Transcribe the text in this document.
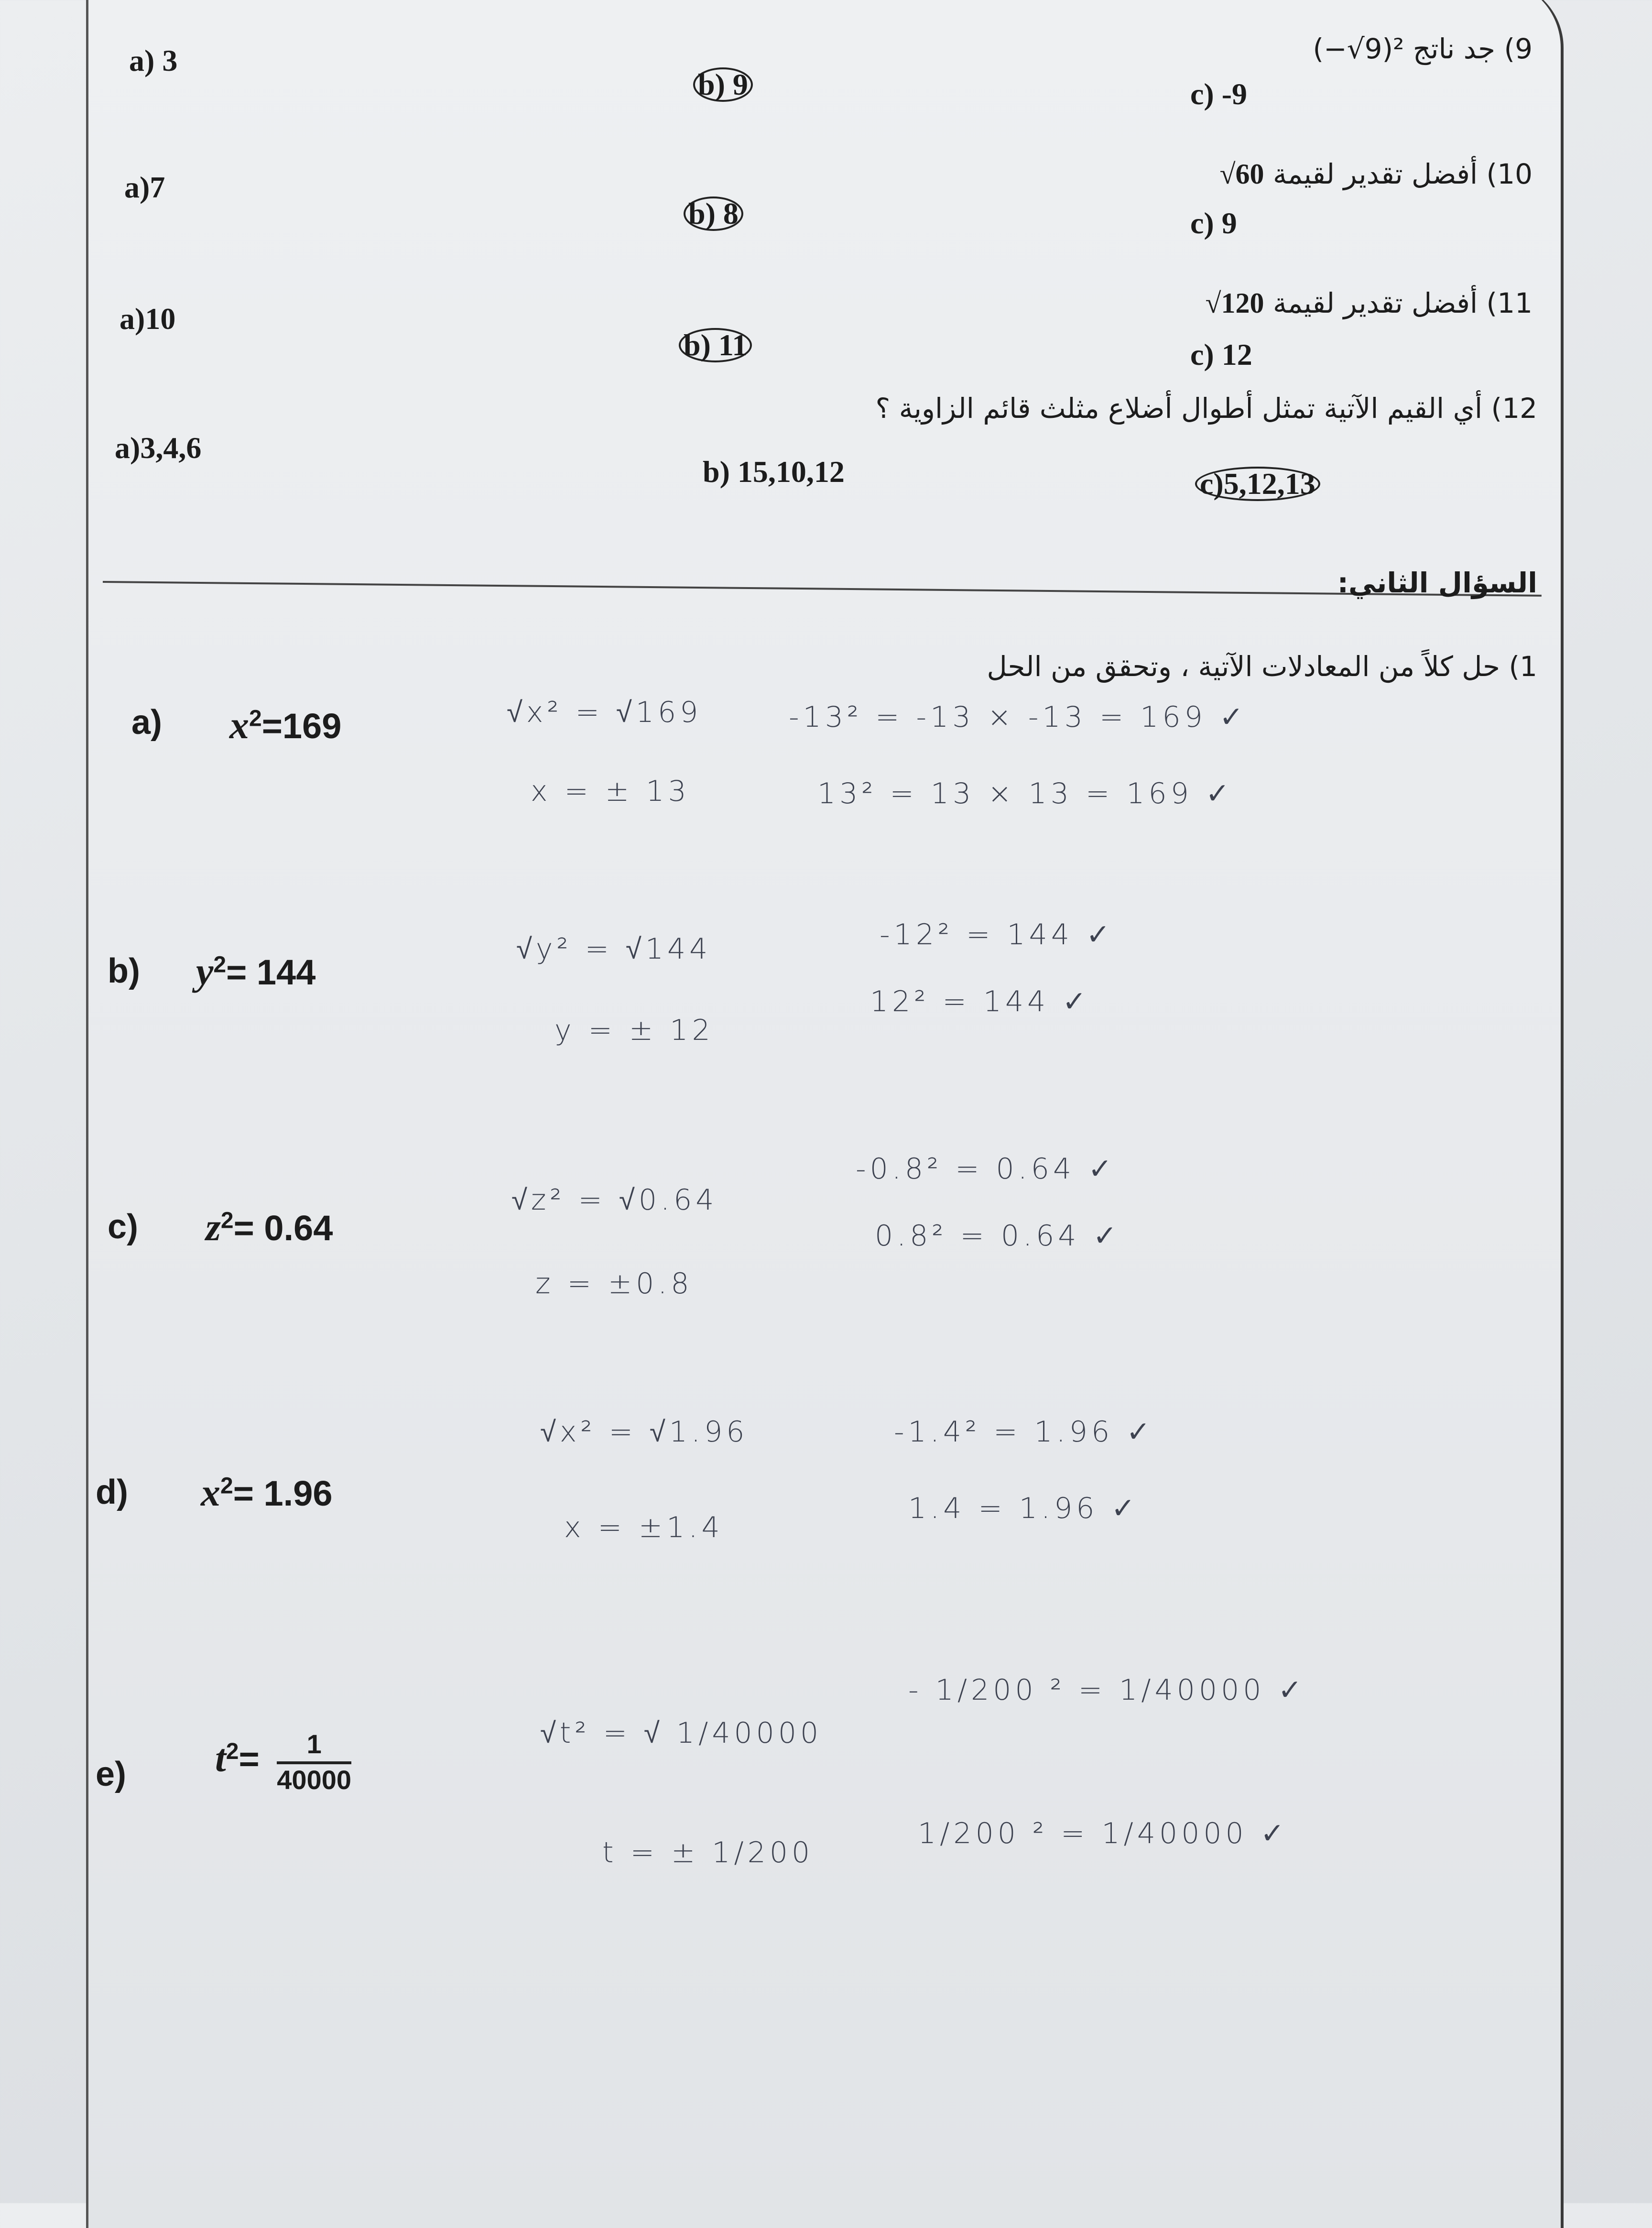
9) جد ناتج (−√9)²
a) 3
b) 9	c) -9
10) أفضل تقدير لقيمة √60
a)7
b) 8	c) 9
11) أفضل تقدير لقيمة √120
a)10
b) 11	c) 12
12) أي القيم الآتية تمثل أطوال أضلاع مثلث قائم الزاوية ؟
a)3,4,6
b) 15,10,12	c)5,12,13
السؤال الثاني:
1) حل كلاً من المعادلات الآتية ، وتحقق من الحل
a) $x^2=169$	√x² = √169
x = ± 13
-13² = -13 × -13 = 169 ✓
13² = 13 × 13 = 169 ✓
b) $y^2= 144$
√y² = √144
y = ± 12
-12² = 144 ✓
12² = 144 ✓
c) $z^2= 0.64$
√z² = √0.64
z = ±0.8
-0.8² = 0.64 ✓
0.8² = 0.64 ✓
d) $x^2= 1.96$
√x² = √1.96
x = ±1.4
-1.4² = 1.96 ✓
1.4 = 1.96 ✓
e) $t^2= \frac{1}{40000}$	√t² = √ 1/40000
t = ± 1/200
- 1/200 ² = 1/40000 ✓
1/200 ² = 1/40000 ✓
